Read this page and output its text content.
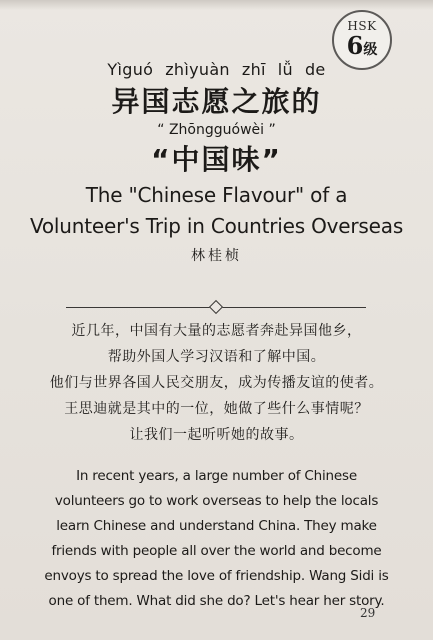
HSK
6级
Yìguó zhìyuàn zhī lǚ de
异国志愿之旅的
“ Zhōngguówèi ”
“中国味”
The "Chinese Flavour" of a
Volunteer's Trip in Countries Overseas
林桂桢
近几年，中国有大量的志愿者奔赴异国他乡，
帮助外国人学习汉语和了解中国。
他们与世界各国人民交朋友，成为传播友谊的使者。
王思迪就是其中的一位，她做了些什么事情呢？
让我们一起听听她的故事。
In recent years, a large number of Chinese
volunteers go to work overseas to help the locals
learn Chinese and understand China. They make
friends with people all over the world and become
envoys to spread the love of friendship. Wang Sidi is
one of them. What did she do? Let's hear her story.
29
